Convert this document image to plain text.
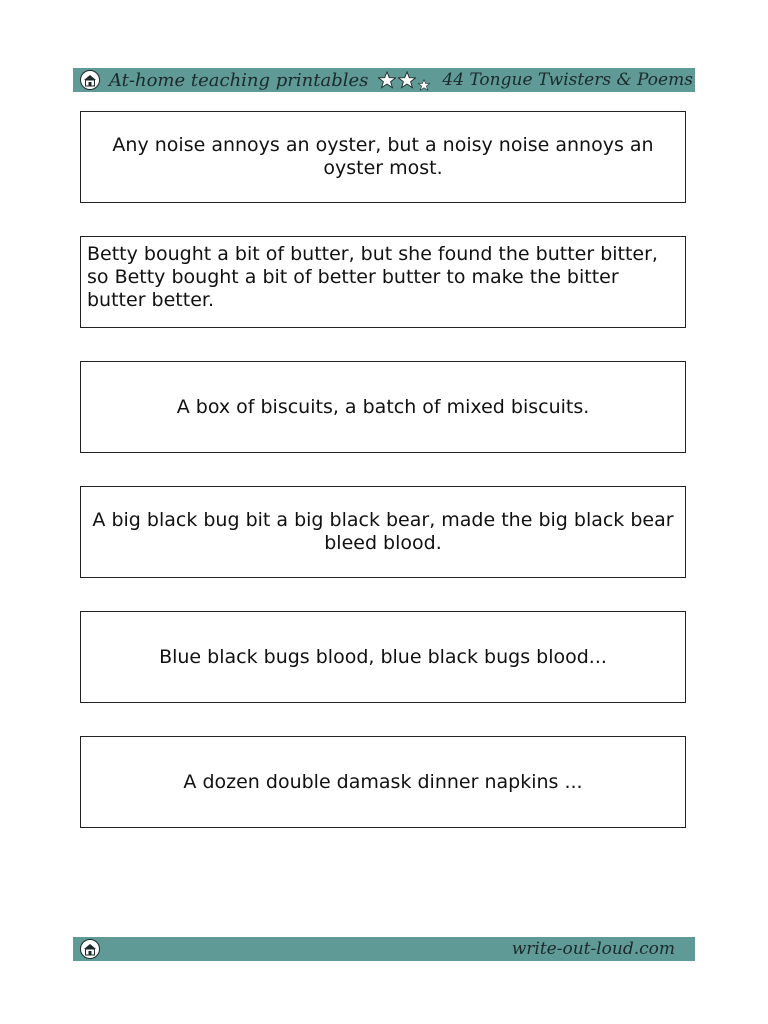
At-home teaching printables	44 Tongue Twisters & Poems
Any noise annoys an oyster, but a noisy noise annoys an oyster most.
Betty bought a bit of butter, but she found the butter bitter, so Betty bought a bit of better butter to make the bitter butter better.
A box of biscuits, a batch of mixed biscuits.
A big black bug bit a big black bear, made the big black bear bleed blood.
Blue black bugs blood, blue black bugs blood...
A dozen double damask dinner napkins ...
write-out-loud.com
